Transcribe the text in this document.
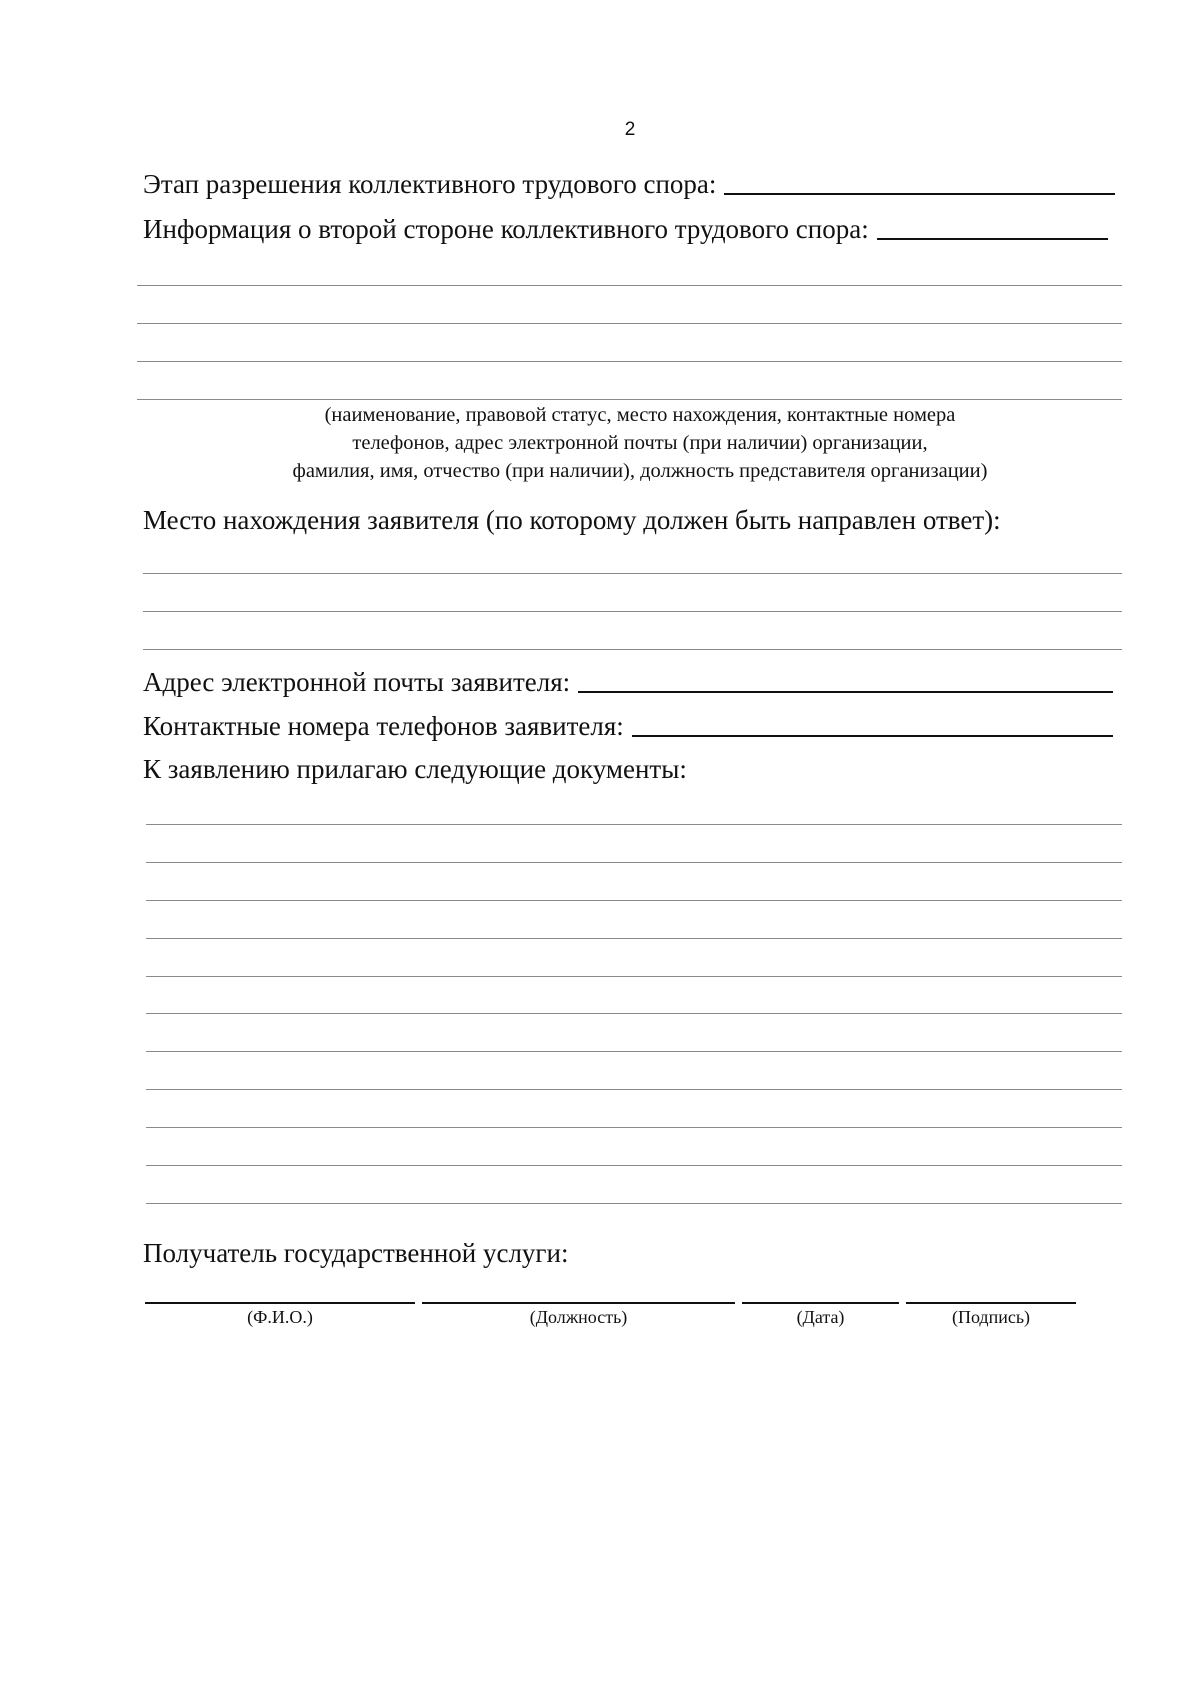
2
Этап разрешения коллективного трудового спора:
Информация о второй стороне коллективного трудового спора:
(наименование, правовой статус, место нахождения, контактные номера
телефонов, адрес электронной почты (при наличии) организации,
фамилия, имя, отчество (при наличии), должность представителя организации)
Место нахождения заявителя (по которому должен быть направлен ответ):
Адрес электронной почты заявителя:
Контактные номера телефонов заявителя:
К заявлению прилагаю следующие документы:
Получатель государственной услуги:
(Ф.И.О.)	(Должность)	(Дата)	(Подпись)
